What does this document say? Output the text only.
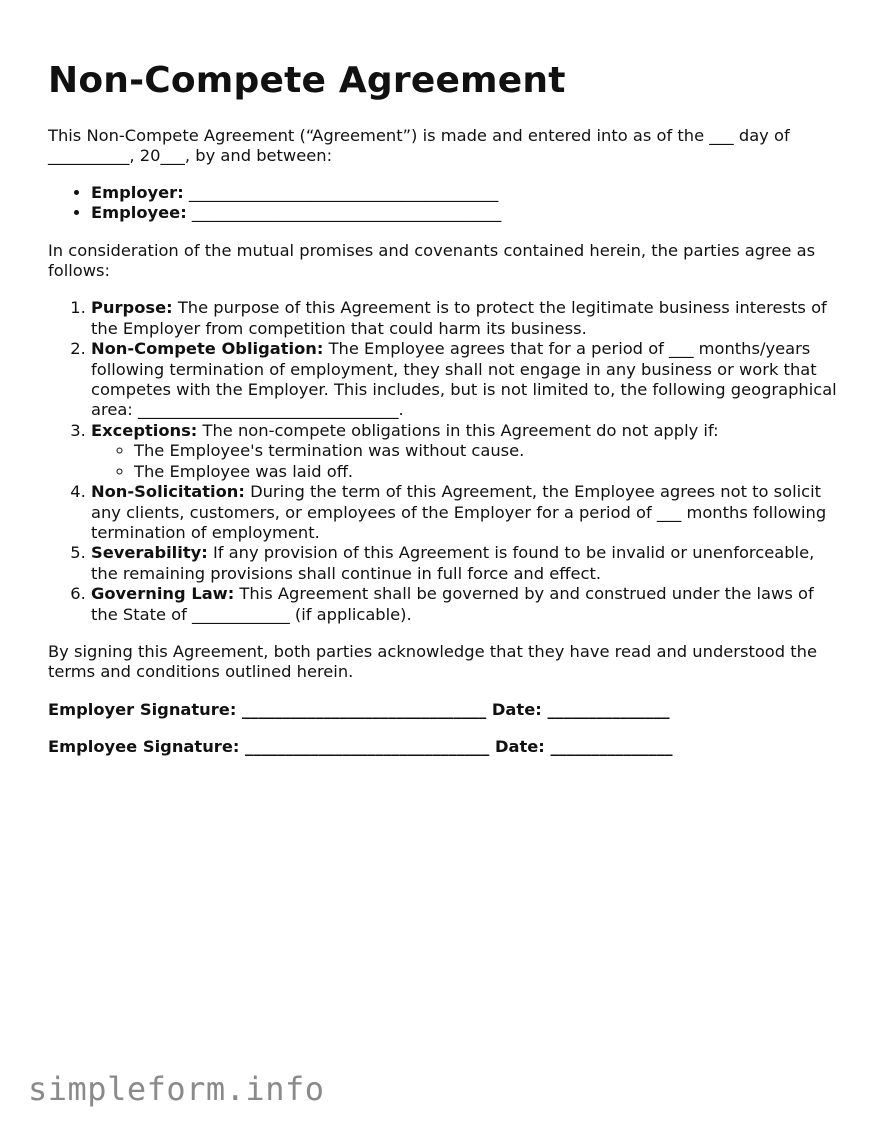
Non-Compete Agreement

This Non-Compete Agreement (“Agreement”) is made and entered into as of the ___ day of __________, 20___, by and between:

• Employer: ______________________________________
• Employee: ______________________________________

In consideration of the mutual promises and covenants contained herein, the parties agree as follows:

1. Purpose: The purpose of this Agreement is to protect the legitimate business interests of the Employer from competition that could harm its business.
2. Non-Compete Obligation: The Employee agrees that for a period of ___ months/years following termination of employment, they shall not engage in any business or work that competes with the Employer. This includes, but is not limited to, the following geographical area: ________________________________.
3. Exceptions: The non-compete obligations in this Agreement do not apply if:
◦ The Employee's termination was without cause.
◦ The Employee was laid off.
4. Non-Solicitation: During the term of this Agreement, the Employee agrees not to solicit any clients, customers, or employees of the Employer for a period of ___ months following termination of employment.
5. Severability: If any provision of this Agreement is found to be invalid or unenforceable, the remaining provisions shall continue in full force and effect.
6. Governing Law: This Agreement shall be governed by and construed under the laws of the State of ____________ (if applicable).

By signing this Agreement, both parties acknowledge that they have read and understood the terms and conditions outlined herein.

Employer Signature: ______________________________ Date: _______________
Employee Signature: ______________________________ Date: _______________
simpleform.info
